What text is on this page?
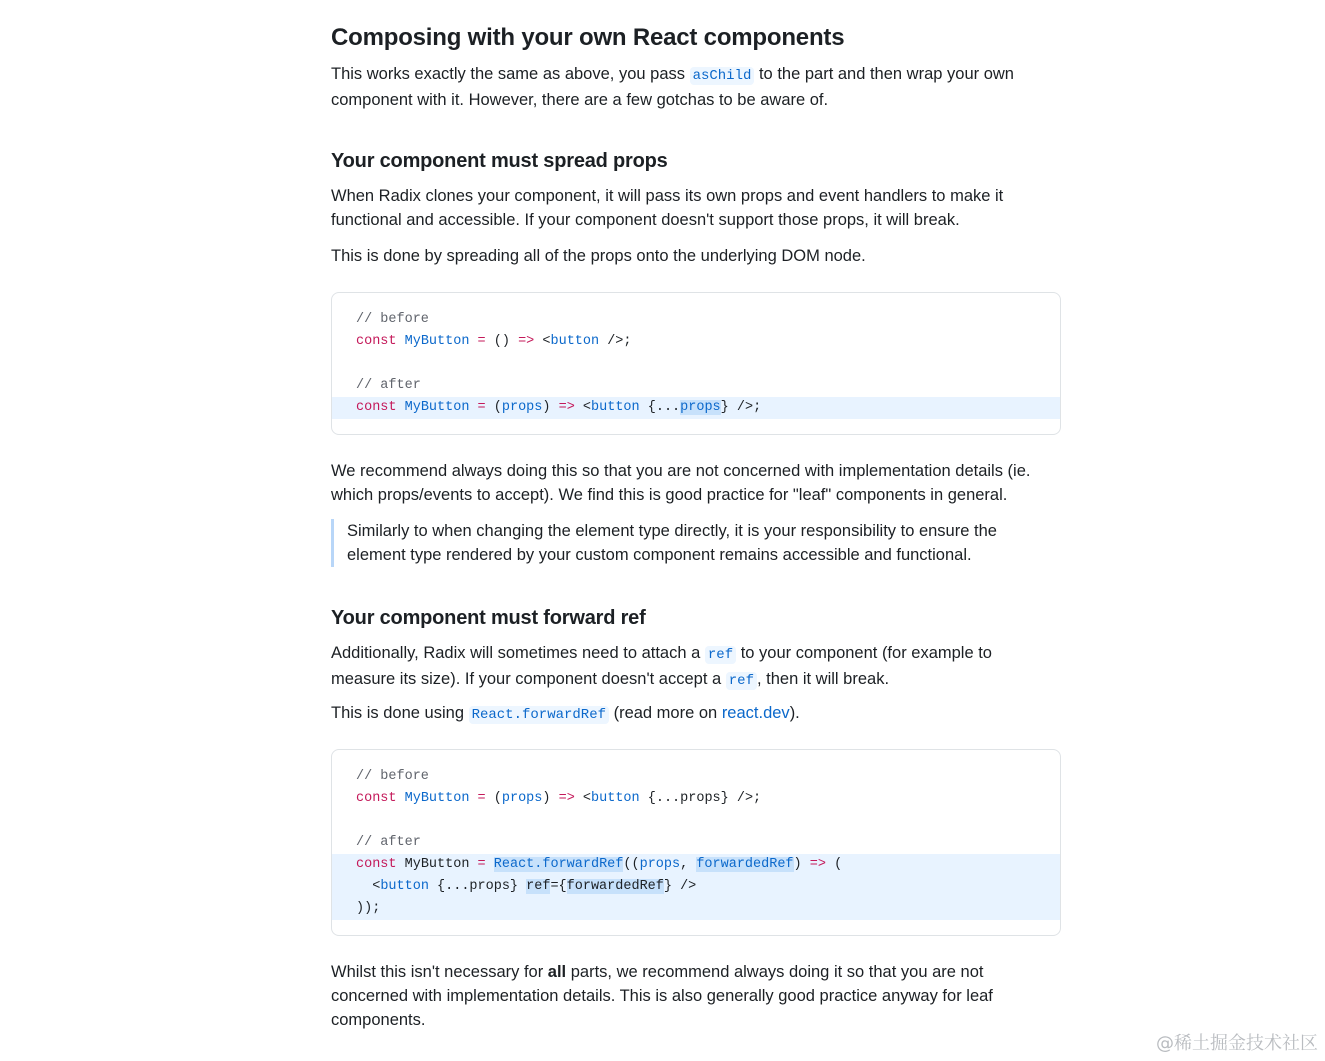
Composing with your own React components

This works exactly the same as above, you pass asChild to the part and then wrap your own
component with it. However, there are a few gotchas to be aware of.

Your component must spread props

When Radix clones your component, it will pass its own props and event handlers to make it
functional and accessible. If your component doesn't support those props, it will break.

This is done by spreading all of the props onto the underlying DOM node.

// before
const MyButton = () => <button />;
// after
const MyButton = (props) => <button {...props} />;

We recommend always doing this so that you are not concerned with implementation details (ie.
which props/events to accept). We find this is good practice for "leaf" components in general.

Similarly to when changing the element type directly, it is your responsibility to ensure the
element type rendered by your custom component remains accessible and functional.

Your component must forward ref

Additionally, Radix will sometimes need to attach a ref to your component (for example to
measure its size). If your component doesn't accept a ref , then it will break.

This is done using React.forwardRef (read more on react.dev).

// before
const MyButton = (props) => <button {...props} />;
// after
const MyButton = React.forwardRef((props, forwardedRef) => (
<button {...props} ref={forwardedRef} />
));

Whilst this isn't necessary for all parts, we recommend always doing it so that you are not
concerned with implementation details. This is also generally good practice anyway for leaf
components.

@稀土掘金技术社区
